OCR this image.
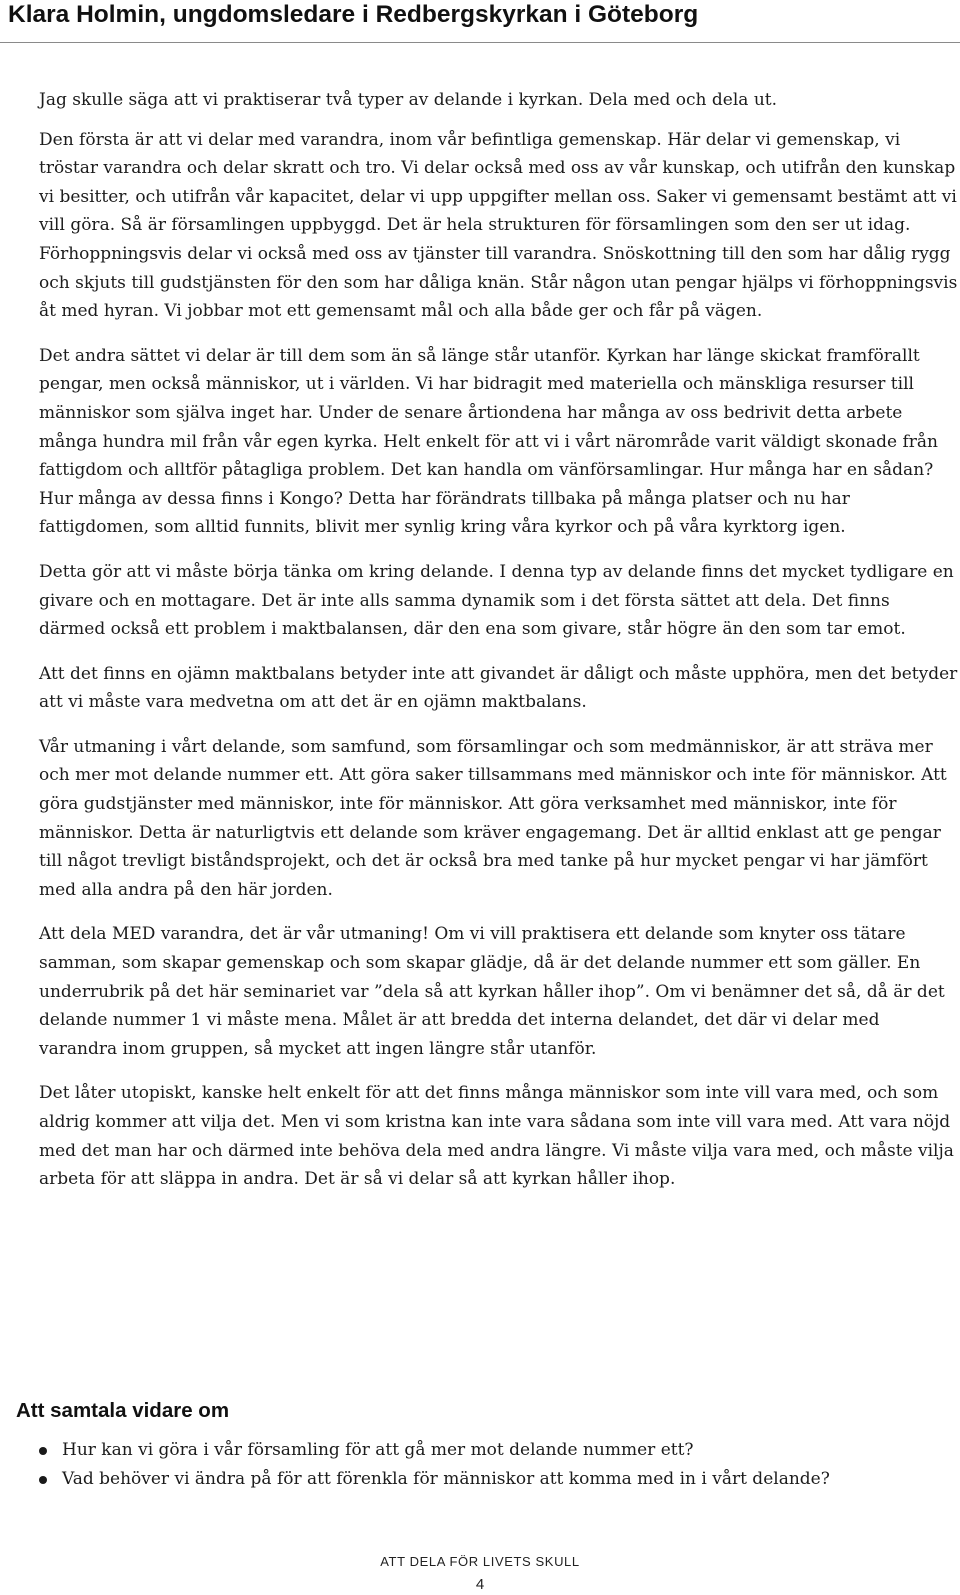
Klara Holmin, ungdomsledare i Redbergskyrkan i Göteborg

Jag skulle säga att vi praktiserar två typer av delande i kyrkan. Dela med och dela ut.

Den första är att vi delar med varandra, inom vår befintliga gemenskap. Här delar vi gemenskap, vi tröstar varandra och delar skratt och tro. Vi delar också med oss av vår kunskap, och utifrån den kunskap vi besitter, och utifrån vår kapacitet, delar vi upp uppgifter mellan oss. Saker vi gemensamt bestämt att vi vill göra. Så är församlingen uppbyggd. Det är hela strukturen för församlingen som den ser ut idag. Förhoppningsvis delar vi också med oss av tjänster till varandra. Snöskottning till den som har dålig rygg och skjuts till gudstjänsten för den som har dåliga knän. Står någon utan pengar hjälps vi förhoppningsvis åt med hyran. Vi jobbar mot ett gemensamt mål och alla både ger och får på vägen.

Det andra sättet vi delar är till dem som än så länge står utanför. Kyrkan har länge skickat framförallt pengar, men också människor, ut i världen. Vi har bidragit med materiella och mänskliga resurser till människor som själva inget har. Under de senare årtiondena har många av oss bedrivit detta arbete många hundra mil från vår egen kyrka. Helt enkelt för att vi i vårt närområde varit väldigt skonade från fattigdom och alltför påtagliga problem. Det kan handla om vänförsamlingar. Hur många har en sådan? Hur många av dessa finns i Kongo? Detta har förändrats tillbaka på många platser och nu har fattigdomen, som alltid funnits, blivit mer synlig kring våra kyrkor och på våra kyrktorg igen.

Detta gör att vi måste börja tänka om kring delande. I denna typ av delande finns det mycket tydligare en givare och en mottagare. Det är inte alls samma dynamik som i det första sättet att dela. Det finns därmed också ett problem i maktbalansen, där den ena som givare, står högre än den som tar emot.

Att det finns en ojämn maktbalans betyder inte att givandet är dåligt och måste upphöra, men det betyder att vi måste vara medvetna om att det är en ojämn maktbalans.

Vår utmaning i vårt delande, som samfund, som församlingar och som medmänniskor, är att sträva mer och mer mot delande nummer ett. Att göra saker tillsammans med människor och inte för människor. Att göra gudstjänster med människor, inte för människor. Att göra verksamhet med människor, inte för människor. Detta är naturligtvis ett delande som kräver engagemang. Det är alltid enklast att ge pengar till något trevligt biståndsprojekt, och det är också bra med tanke på hur mycket pengar vi har jämfört med alla andra på den här jorden.

Att dela MED varandra, det är vår utmaning! Om vi vill praktisera ett delande som knyter oss tätare samman, som skapar gemenskap och som skapar glädje, då är det delande nummer ett som gäller. En underrubrik på det här seminariet var ”dela så att kyrkan håller ihop”. Om vi benämner det så, då är det delande nummer 1 vi måste mena. Målet är att bredda det interna delandet, det där vi delar med varandra inom gruppen, så mycket att ingen längre står utanför.

Det låter utopiskt, kanske helt enkelt för att det finns många människor som inte vill vara med, och som aldrig kommer att vilja det. Men vi som kristna kan inte vara sådana som inte vill vara med. Att vara nöjd med det man har och därmed inte behöva dela med andra längre. Vi måste vilja vara med, och måste vilja arbeta för att släppa in andra. Det är så vi delar så att kyrkan håller ihop.

Att samtala vidare om
Hur kan vi göra i vår församling för att gå mer mot delande nummer ett?
Vad behöver vi ändra på för att förenkla för människor att komma med in i vårt delande?
ATT DELA FÖR LIVETS SKULL
4
